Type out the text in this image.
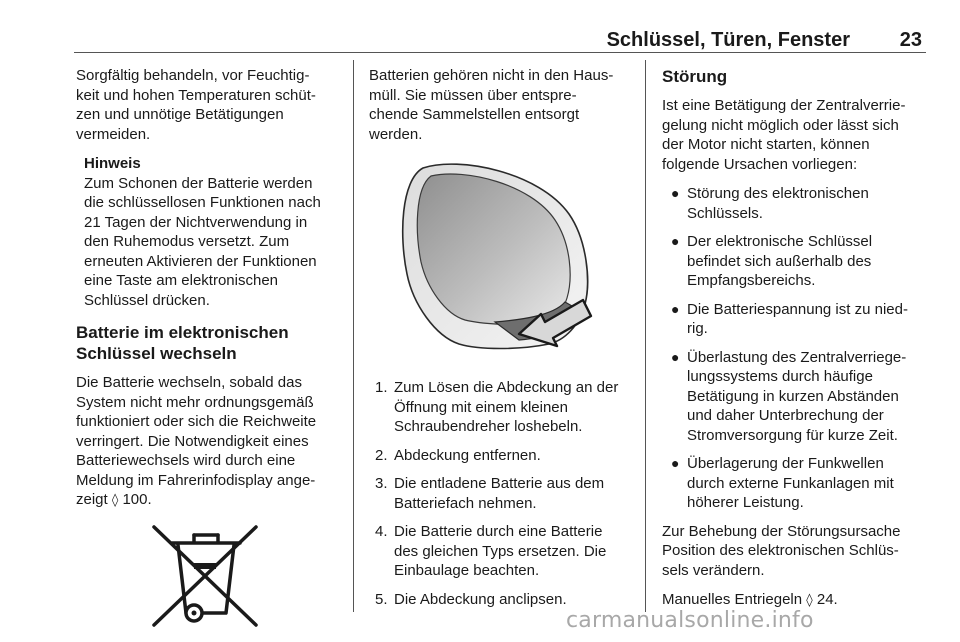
Schlüssel, Türen, Fenster	23

Sorgfältig behandeln, vor Feuchtig-
keit und hohen Temperaturen schüt-
zen und unnötige Betätigungen
vermeiden.

Hinweis
Zum Schonen der Batterie werden
die schlüssellosen Funktionen nach
21 Tagen der Nichtverwendung in
den Ruhemodus versetzt. Zum
erneuten Aktivieren der Funktionen
eine Taste am elektronischen
Schlüssel drücken.
Batterie im elektronischen
Schlüssel wechseln

Die Batterie wechseln, sobald das
System nicht mehr ordnungsgemäß
funktioniert oder sich die Reichweite
verringert. Die Notwendigkeit eines
Batteriewechsels wird durch eine
Meldung im Fahrerinfodisplay ange-
zeigt ◊ 100.

Batterien gehören nicht in den Haus-
müll. Sie müssen über entspre-
chende Sammelstellen entsorgt
werden.

1. Zum Lösen die Abdeckung an der
Öffnung mit einem kleinen
Schraubendreher loshebeln.
2. Abdeckung entfernen.
3. Die entladene Batterie aus dem
Batteriefach nehmen.
4. Die Batterie durch eine Batterie
des gleichen Typs ersetzen. Die
Einbaulage beachten.
5. Die Abdeckung anclipsen.
Störung

Ist eine Betätigung der Zentralverrie-
gelung nicht möglich oder lässt sich
der Motor nicht starten, können
folgende Ursachen vorliegen:

● Störung des elektronischen
Schlüssels.
● Der elektronische Schlüssel
befindet sich außerhalb des
Empfangsbereichs.
● Die Batteriespannung ist zu nied-
rig.
● Überlastung des Zentralverriege-
lungssystems durch häufige
Betätigung in kurzen Abständen
und daher Unterbrechung der
Stromversorgung für kurze Zeit.
● Überlagerung der Funkwellen
durch externe Funkanlagen mit
höherer Leistung.

Zur Behebung der Störungsursache
Position des elektronischen Schlüs-
sels verändern.

Manuelles Entriegeln ◊ 24.

carmanualsonline.info
